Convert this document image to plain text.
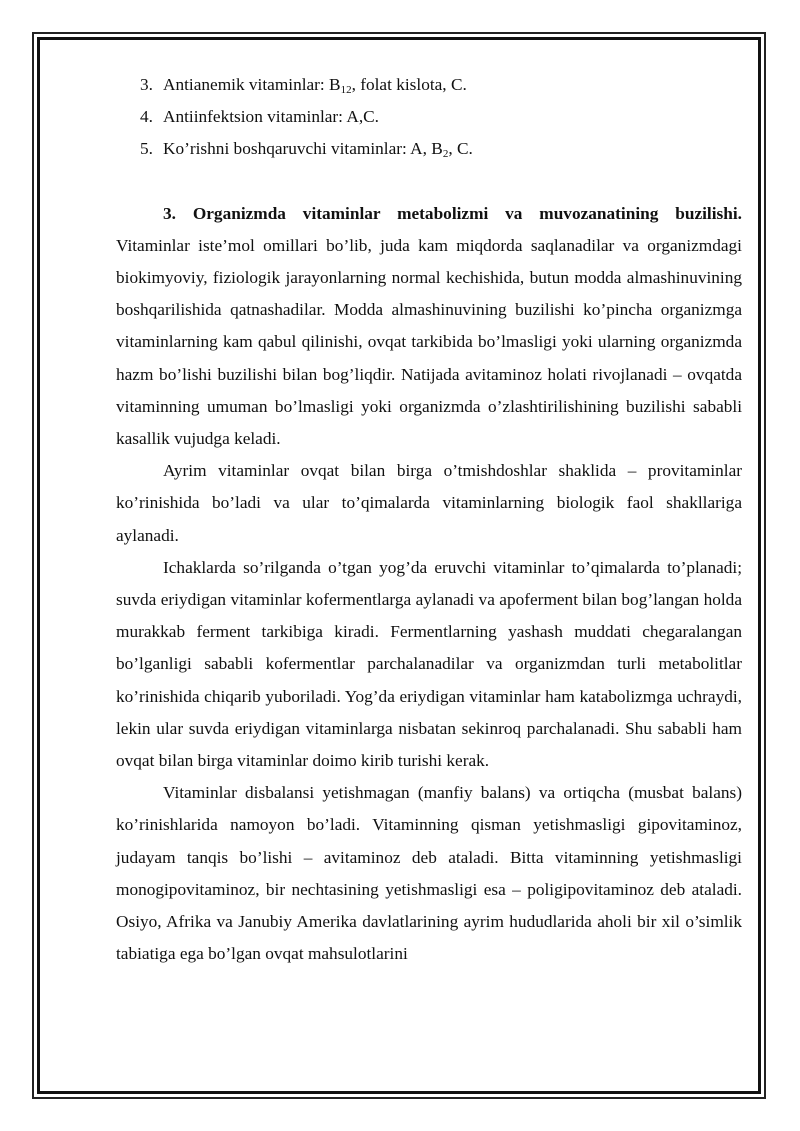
3. Antianemik vitaminlar: $B_{12}$, folat kislota, C.
4. Antiinfektsion vitaminlar: A,C.
5. Ko’rishni boshqaruvchi vitaminlar: A, $B_2$, C.

3. Organizmda vitaminlar metabolizmi va muvozanatining buzilishi. Vitaminlar iste’mol omillari bo’lib, juda kam miqdorda saqlanadilar va organizmdagi biokimyoviy, fiziologik jarayonlarning normal kechishida, butun modda almashinuvining boshqarilishida qatnashadilar. Modda almashinuvining buzilishi ko’pincha organizmga vitaminlarning kam qabul qilinishi, ovqat tarkibida bo’lmasligi yoki ularning organizmda hazm bo’lishi buzilishi bilan bog’liqdir. Natijada avitaminoz holati rivojlanadi – ovqatda vitaminning umuman bo’lmasligi yoki organizmda o’zlashtirilishining buzilishi sababli kasallik vujudga keladi.

Ayrim vitaminlar ovqat bilan birga o’tmishdoshlar shaklida – provitaminlar ko’rinishida bo’ladi va ular to’qimalarda vitaminlarning biologik faol shakllariga aylanadi.

Ichaklarda so’rilganda o’tgan yog’da eruvchi vitaminlar to’qimalarda to’planadi; suvda eriydigan vitaminlar kofermentlarga aylanadi va apoferment bilan bog’langan holda murakkab ferment tarkibiga kiradi. Fermentlarning yashash muddati chegaralangan bo’lganligi sababli kofermentlar parchalanadilar va organizmdan turli metabolitlar ko’rinishida chiqarib yuboriladi. Yog’da eriydigan vitaminlar ham katabolizmga uchraydi, lekin ular suvda eriydigan vitaminlarga nisbatan sekinroq parchalanadi. Shu sababli ham ovqat bilan birga vitaminlar doimo kirib turishi kerak.

Vitaminlar disbalansi yetishmagan (manfiy balans) va ortiqcha (musbat balans) ko’rinishlarida namoyon bo’ladi. Vitaminning qisman yetishmasligi gipovitaminoz, judayam tanqis bo’lishi – avitaminoz deb ataladi. Bitta vitaminning yetishmasligi monogipovitaminoz, bir nechtasining yetishmasligi esa – poligipovitaminoz deb ataladi. Osiyo, Afrika va Janubiy Amerika davlatlarining ayrim hududlarida aholi bir xil o’simlik tabiatiga ega bo’lgan ovqat mahsulotlarini
